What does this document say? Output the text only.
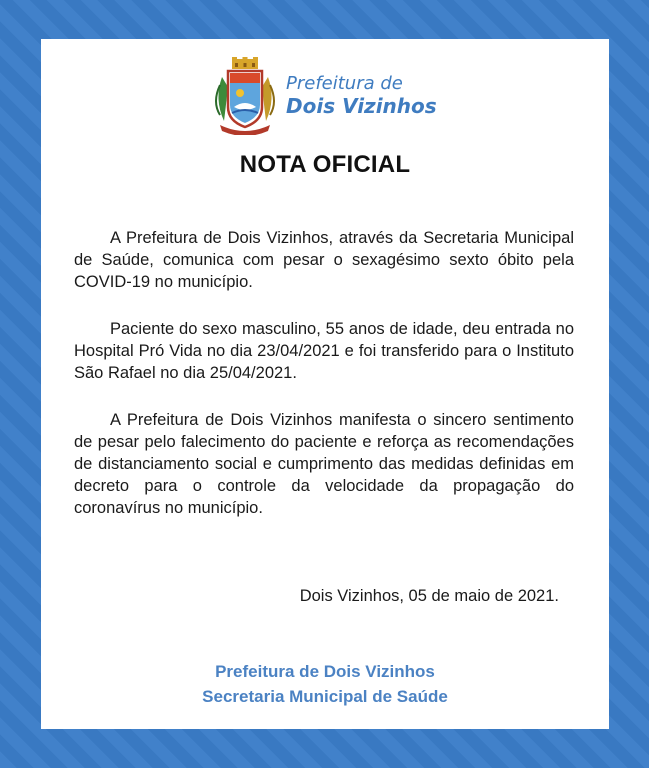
Prefeitura de
Dois Vizinhos
NOTA OFICIAL

A Prefeitura de Dois Vizinhos, através da Secretaria Municipal de Saúde, comunica com pesar o sexagésimo sexto óbito pela COVID-19 no município.

Paciente do sexo masculino, 55 anos de idade, deu entrada no Hospital Pró Vida no dia 23/04/2021 e foi transferido para o Instituto São Rafael no dia 25/04/2021.

A Prefeitura de Dois Vizinhos manifesta o sincero sentimento de pesar pelo falecimento do paciente e reforça as recomendações de distanciamento social e cumprimento das medidas definidas em decreto para o controle da velocidade da propagação do coronavírus no município.

Dois Vizinhos, 05 de maio de 2021.
Prefeitura de Dois Vizinhos
Secretaria Municipal de Saúde
